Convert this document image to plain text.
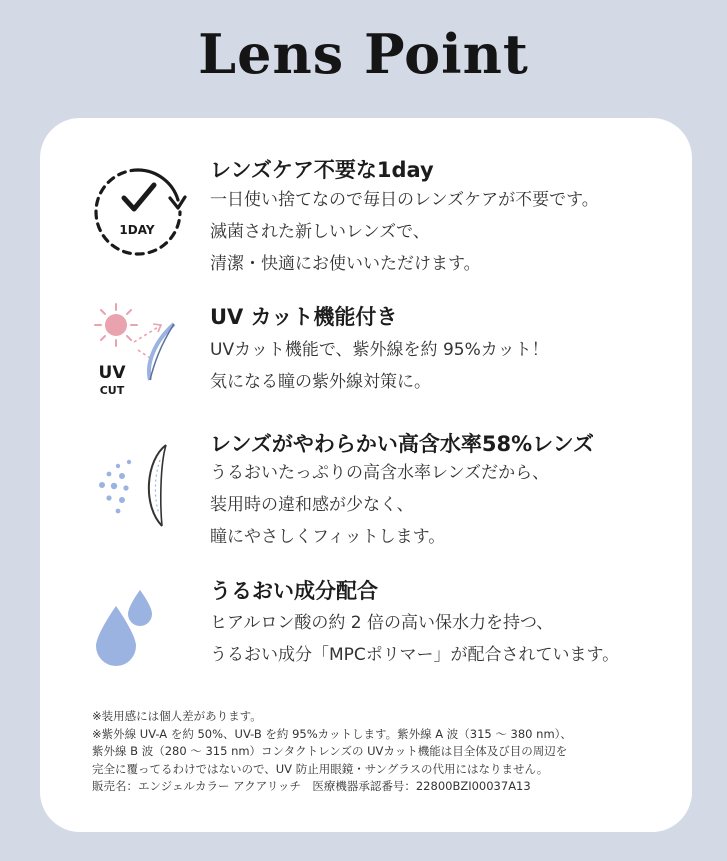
Lens Point
1DAY
レンズケア不要な1day
一日使い捨てなので毎日のレンズケアが不要です。
滅菌された新しいレンズで、
清潔・快適にお使いいただけます。
UV
CUT
UV カット機能付き
UVカット機能で、紫外線を約 95%カット！
気になる瞳の紫外線対策に。
レンズがやわらかい高含水率58%レンズ
うるおいたっぷりの高含水率レンズだから、
装用時の違和感が少なく、
瞳にやさしくフィットします。
うるおい成分配合
ヒアルロン酸の約 2 倍の高い保水力を持つ、
うるおい成分「MPCポリマー」が配合されています。
※装用感には個人差があります。
※紫外線 UV-A を約 50%、UV-B を約 95%カットします。紫外線 A 波（315 ～ 380 nm）、
紫外線 B 波（280 ～ 315 nm）コンタクトレンズの UVカット機能は目全体及び目の周辺を
完全に覆ってるわけではないので、UV 防止用眼鏡・サングラスの代用にはなりません。
販売名：エンジェルカラー アクアリッチ　医療機器承認番号：22800BZI00037A13
